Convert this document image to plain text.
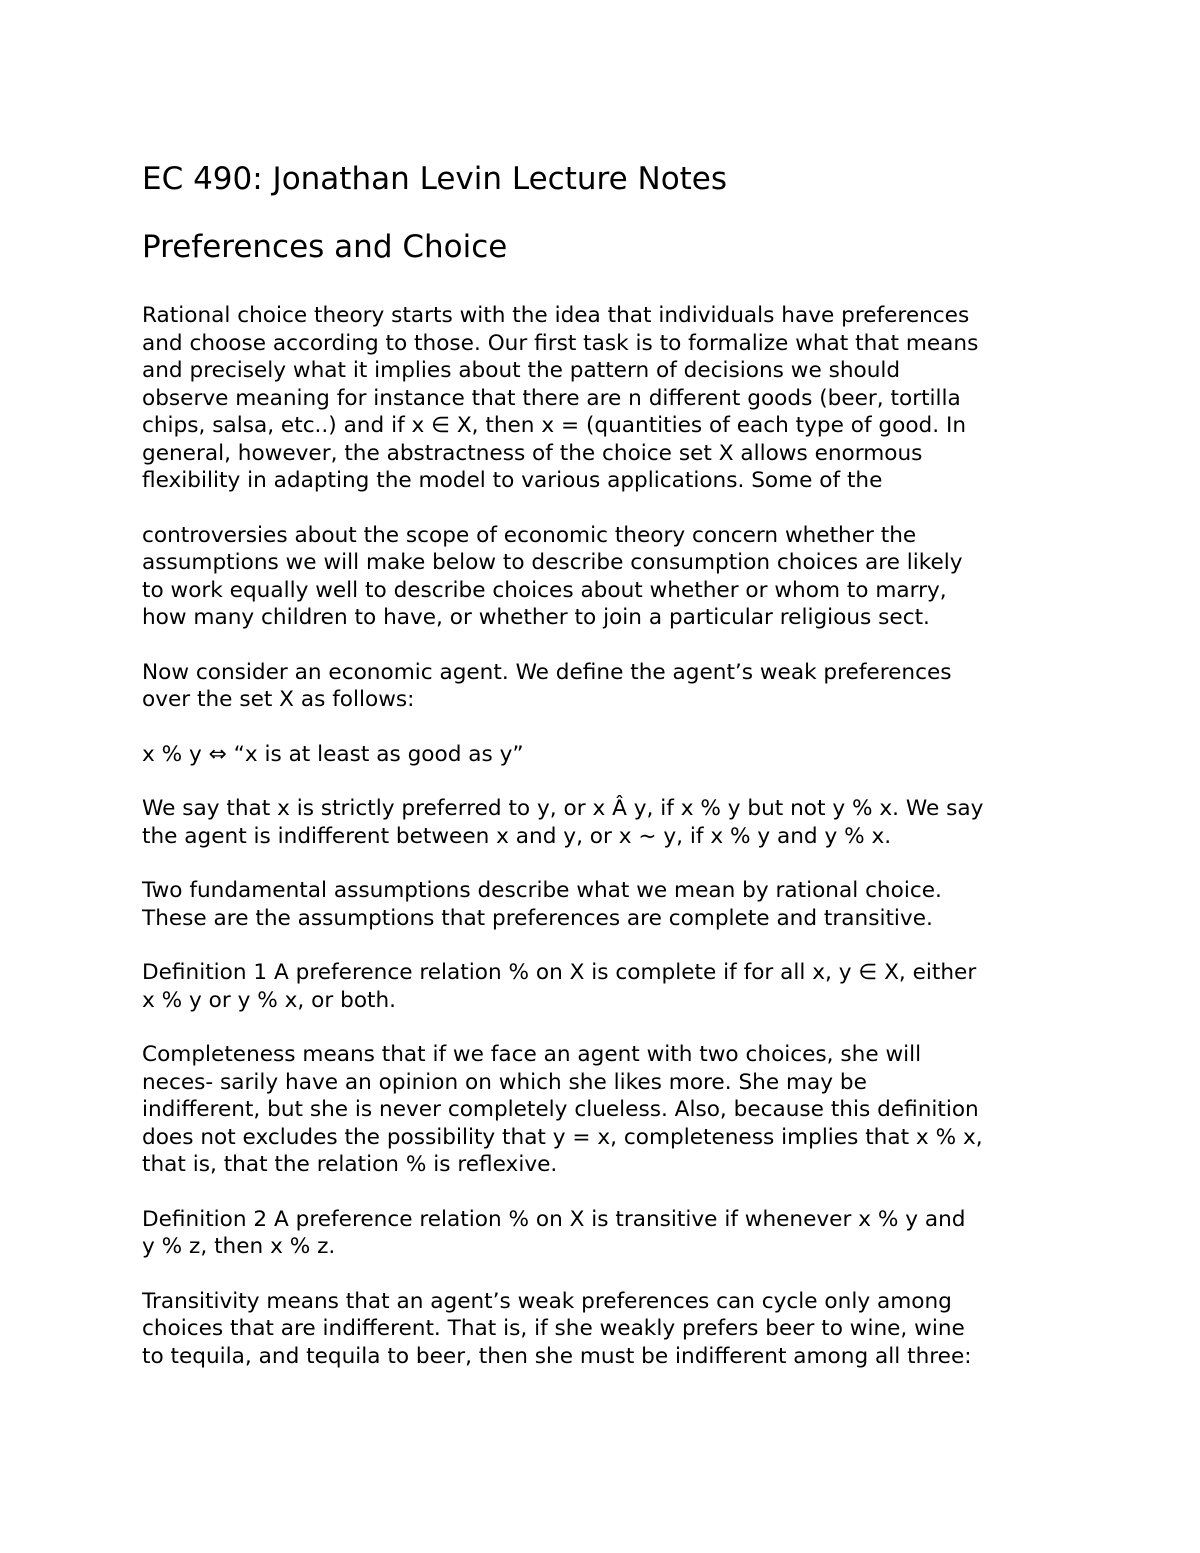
EC 490: Jonathan Levin Lecture Notes
Preferences and Choice

Rational choice theory starts with the idea that individuals have preferences
and choose according to those. Our first task is to formalize what that means
and precisely what it implies about the pattern of decisions we should
observe meaning for instance that there are n different goods (beer, tortilla
chips, salsa, etc..) and if x ∈ X, then x = (quantities of each type of good. In
general, however, the abstractness of the choice set X allows enormous
flexibility in adapting the model to various applications. Some of the

controversies about the scope of economic theory concern whether the
assumptions we will make below to describe consumption choices are likely
to work equally well to describe choices about whether or whom to marry,
how many children to have, or whether to join a particular religious sect.

Now consider an economic agent. We define the agent’s weak preferences
over the set X as follows:

x % y ⇔ “x is at least as good as y”

We say that x is strictly preferred to y, or x Â y, if x % y but not y % x. We say
the agent is indifferent between x and y, or x ~ y, if x % y and y % x.

Two fundamental assumptions describe what we mean by rational choice.
These are the assumptions that preferences are complete and transitive.

Definition 1 A preference relation % on X is complete if for all x, y ∈ X, either
x % y or y % x, or both.

Completeness means that if we face an agent with two choices, she will
neces- sarily have an opinion on which she likes more. She may be
indifferent, but she is never completely clueless. Also, because this definition
does not excludes the possibility that y = x, completeness implies that x % x,
that is, that the relation % is reflexive.

Definition 2 A preference relation % on X is transitive if whenever x % y and
y % z, then x % z.

Transitivity means that an agent’s weak preferences can cycle only among
choices that are indifferent. That is, if she weakly prefers beer to wine, wine
to tequila, and tequila to beer, then she must be indifferent among all three:
